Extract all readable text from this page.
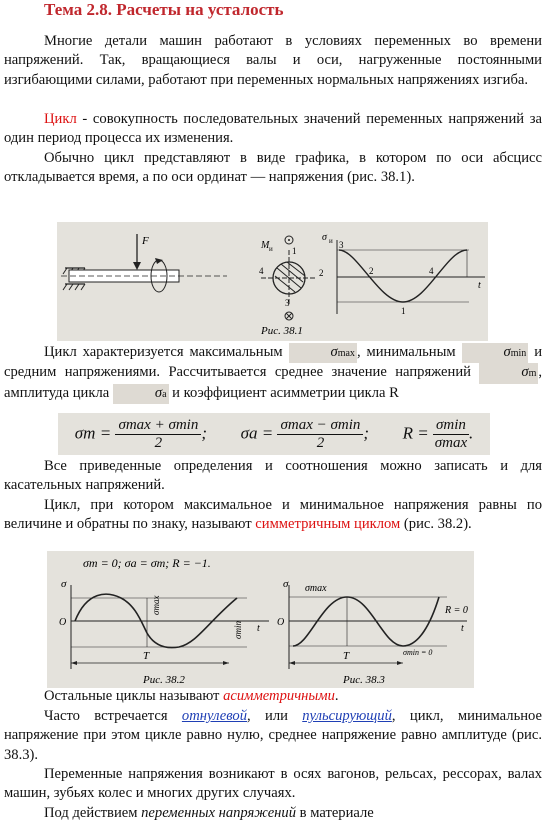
Тема 2.8. Расчеты на усталость
Многие детали машин работают в условиях переменных во времени напряжений. Так, вращающиеся валы и оси, нагруженные постоянными изгибающими силами, работают при переменных нормальных напряжениях изгиба.
Цикл - совокупность последовательных значений переменных напряжений за один период процесса их изменения.
Обычно цикл представляют в виде графика, в котором по оси абсцисс откладывается время, а по оси ординат — напряжения (рис. 38.1).
F	M и 1
2
3
4
σ и
t
3
2
1
4
Рис. 38.1
Цикл характеризуется максимальным	σmax , минимальным	σmin и средним напряжениями. Рассчитывается среднее значение напряжений	σm , амплитуда цикла	σa и коэффициент асимметрии цикла R
$\sigma m = \frac{\sigma\max + \sigma\min}{2}$ ; $\sigma a = \frac{\sigma\max - \sigma\min}{2}$ ; $R = \frac{\sigma\min}{\sigma\max}$ .
Все приведенные определения и соотношения можно записать и для касательных напряжений.
Цикл, при котором максимальное и минимальное напряжения равны по величине и обратны по знаку, называют симметричным циклом (рис. 38.2).
σm = 0; σa = σm; R = −1.
σ
O
t
T
σmax
σmin
Рис. 38.2
σ
O
t
T
σmax
σmin = 0
R = 0
Рис. 38.3
Остальные циклы называют асимметричными.
Часто встречается отнулевой, или пульсирующий, цикл, минимальное напряжение при этом цикле равно нулю, среднее напряжение равно амплитуде (рис. 38.3).
Переменные напряжения возникают в осях вагонов, рельсах, рессорах, валах машин, зубьях колес и многих других случаях.
Под действием переменных напряжений в материале
